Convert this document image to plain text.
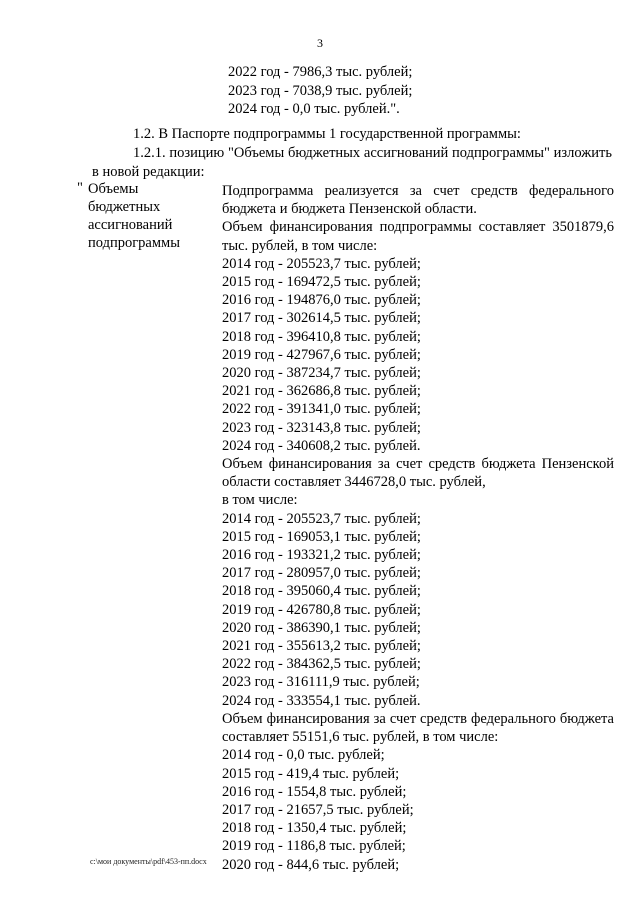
3
2022 год - 7986,3 тыс. рублей;
2023 год - 7038,9 тыс. рублей;
2024 год - 0,0 тыс. рублей.".
1.2. В Паспорте подпрограммы 1 государственной программы:
1.2.1. позицию "Объемы бюджетных ассигнований подпрограммы" изложить в новой редакции:
" Объемы
бюджетных
ассигнований
подпрограммы
Подпрограмма реализуется за счет средств федерального бюджета и бюджета Пензенской области.
Объем финансирования подпрограммы составляет 3501879,6 тыс. рублей, в том числе:
2014 год - 205523,7 тыс. рублей;
2015 год - 169472,5 тыс. рублей;
2016 год - 194876,0 тыс. рублей;
2017 год - 302614,5 тыс. рублей;
2018 год - 396410,8 тыс. рублей;
2019 год - 427967,6 тыс. рублей;
2020 год - 387234,7 тыс. рублей;
2021 год - 362686,8 тыс. рублей;
2022 год - 391341,0 тыс. рублей;
2023 год - 323143,8 тыс. рублей;
2024 год - 340608,2 тыс. рублей.
Объем финансирования за счет средств бюджета Пензенской области составляет 3446728,0 тыс. рублей,
в том числе:
2014 год - 205523,7 тыс. рублей;
2015 год - 169053,1 тыс. рублей;
2016 год - 193321,2 тыс. рублей;
2017 год - 280957,0 тыс. рублей;
2018 год - 395060,4 тыс. рублей;
2019 год - 426780,8 тыс. рублей;
2020 год - 386390,1 тыс. рублей;
2021 год - 355613,2 тыс. рублей;
2022 год - 384362,5 тыс. рублей;
2023 год - 316111,9 тыс. рублей;
2024 год - 333554,1 тыс. рублей.
Объем финансирования за счет средств федерального бюджета составляет 55151,6 тыс. рублей, в том числе:
2014 год - 0,0 тыс. рублей;
2015 год - 419,4 тыс. рублей;
2016 год - 1554,8 тыс. рублей;
2017 год - 21657,5 тыс. рублей;
2018 год - 1350,4 тыс. рублей;
2019 год - 1186,8 тыс. рублей;
2020 год - 844,6 тыс. рублей;
c:\мои документы\pdf\453-пп.docx
